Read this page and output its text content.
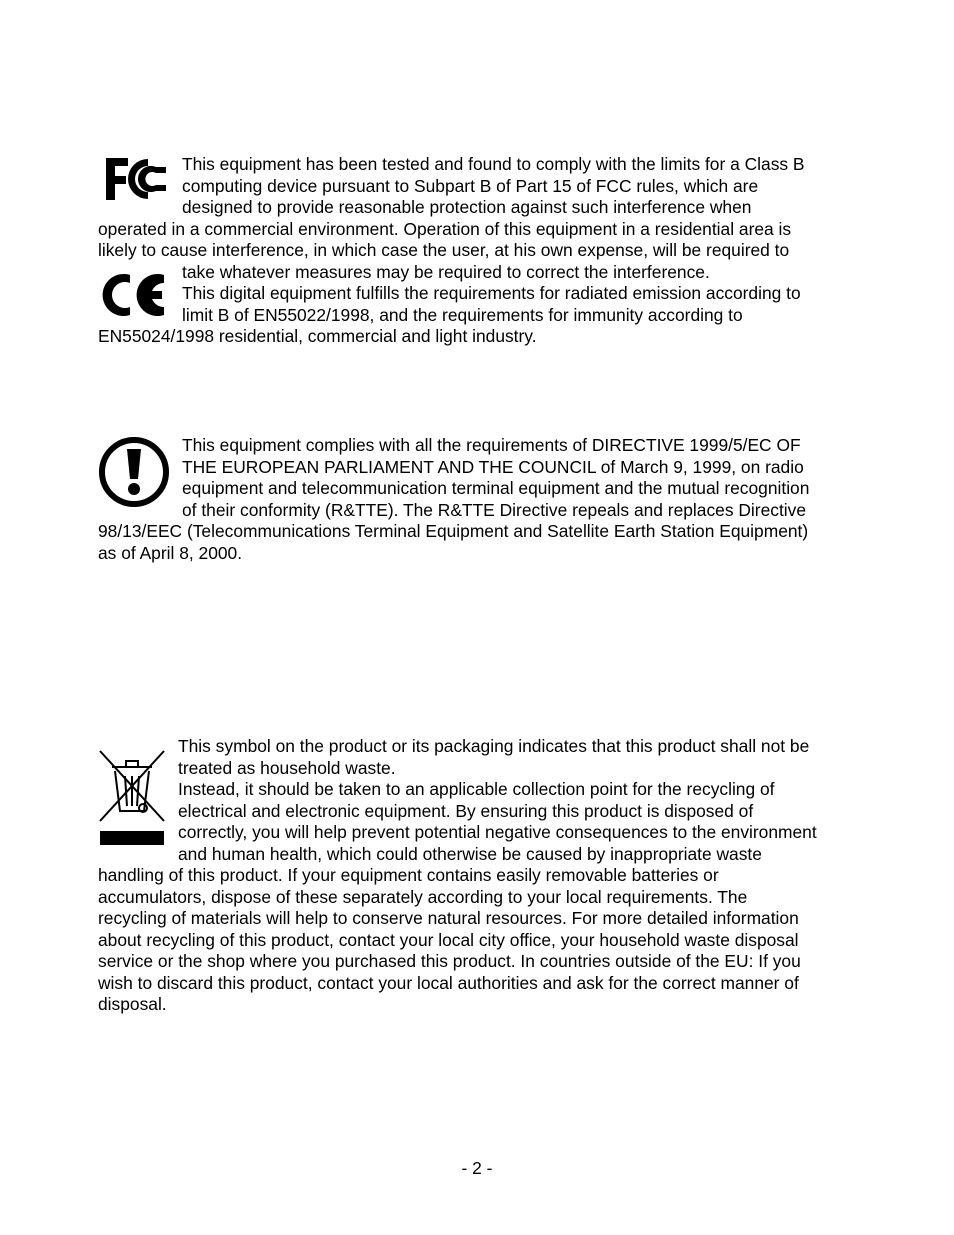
This equipment has been tested and found to comply with the limits for a Class B
computing device pursuant to Subpart B of Part 15 of FCC rules, which are
designed to provide reasonable protection against such interference when
operated in a commercial environment. Operation of this equipment in a residential area is
likely to cause interference, in which case the user, at his own expense, will be required to
take whatever measures may be required to correct the interference.
This digital equipment fulfills the requirements for radiated emission according to
limit B of EN55022/1998, and the requirements for immunity according to
EN55024/1998 residential, commercial and light industry.
This equipment complies with all the requirements of DIRECTIVE 1999/5/EC OF
THE EUROPEAN PARLIAMENT AND THE COUNCIL of March 9, 1999, on radio
equipment and telecommunication terminal equipment and the mutual recognition
of their conformity (R&TTE). The R&TTE Directive repeals and replaces Directive
98/13/EEC (Telecommunications Terminal Equipment and Satellite Earth Station Equipment)
as of April 8, 2000.
This symbol on the product or its packaging indicates that this product shall not be
treated as household waste.
Instead, it should be taken to an applicable collection point for the recycling of
electrical and electronic equipment. By ensuring this product is disposed of
correctly, you will help prevent potential negative consequences to the environment
and human health, which could otherwise be caused by inappropriate waste
handling of this product. If your equipment contains easily removable batteries or
accumulators, dispose of these separately according to your local requirements. The
recycling of materials will help to conserve natural resources. For more detailed information
about recycling of this product, contact your local city office, your household waste disposal
service or the shop where you purchased this product. In countries outside of the EU: If you
wish to discard this product, contact your local authorities and ask for the correct manner of
disposal.
- 2 -
